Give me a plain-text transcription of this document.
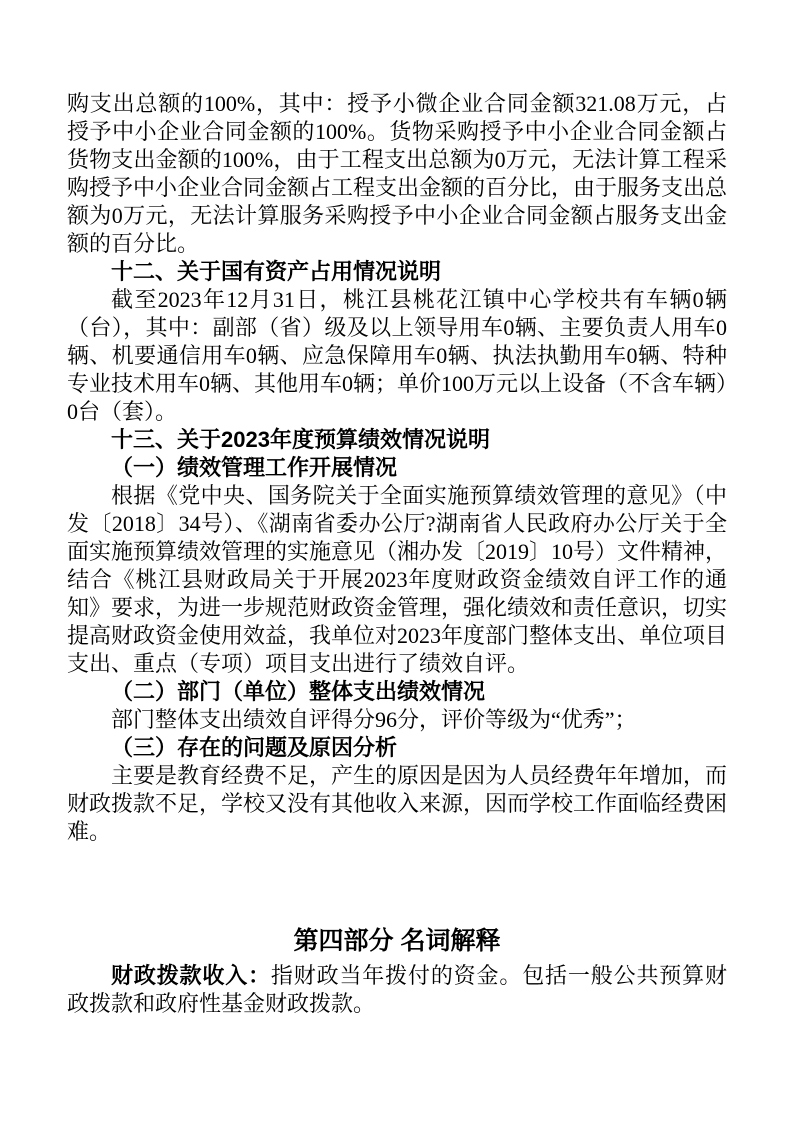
购支出总额的100%，其中：授予小微企业合同金额321.08万元，占授予中小企业合同金额的100%。货物采购授予中小企业合同金额占货物支出金额的100%，由于工程支出总额为0万元，无法计算工程采购授予中小企业合同金额占工程支出金额的百分比，由于服务支出总额为0万元，无法计算服务采购授予中小企业合同金额占服务支出金额的百分比。

十二、关于国有资产占用情况说明

截至2023年12月31日，桃江县桃花江镇中心学校共有车辆0辆（台），其中：副部（省）级及以上领导用车0辆、主要负责人用车0辆、机要通信用车0辆、应急保障用车0辆、执法执勤用车0辆、特种专业技术用车0辆、其他用车0辆；单价100万元以上设备（不含车辆）0台（套）。

十三、关于2023年度预算绩效情况说明

（一）绩效管理工作开展情况

根据《党中央、国务院关于全面实施预算绩效管理的意见》（中发〔2018〕34号）、《湖南省委办公厅?湖南省人民政府办公厅关于全面实施预算绩效管理的实施意见（湘办发〔2019〕10号）文件精神，结合《桃江县财政局关于开展2023年度财政资金绩效自评工作的通知》要求，为进一步规范财政资金管理，强化绩效和责任意识，切实提高财政资金使用效益，我单位对2023年度部门整体支出、单位项目支出、重点（专项）项目支出进行了绩效自评。

（二）部门（单位）整体支出绩效情况

部门整体支出绩效自评得分96分，评价等级为“优秀”；

（三）存在的问题及原因分析

主要是教育经费不足，产生的原因是因为人员经费年年增加，而财政拨款不足，学校又没有其他收入来源，因而学校工作面临经费困难。

第四部分 名词解释

财政拨款收入：指财政当年拨付的资金。包括一般公共预算财政拨款和政府性基金财政拨款。
